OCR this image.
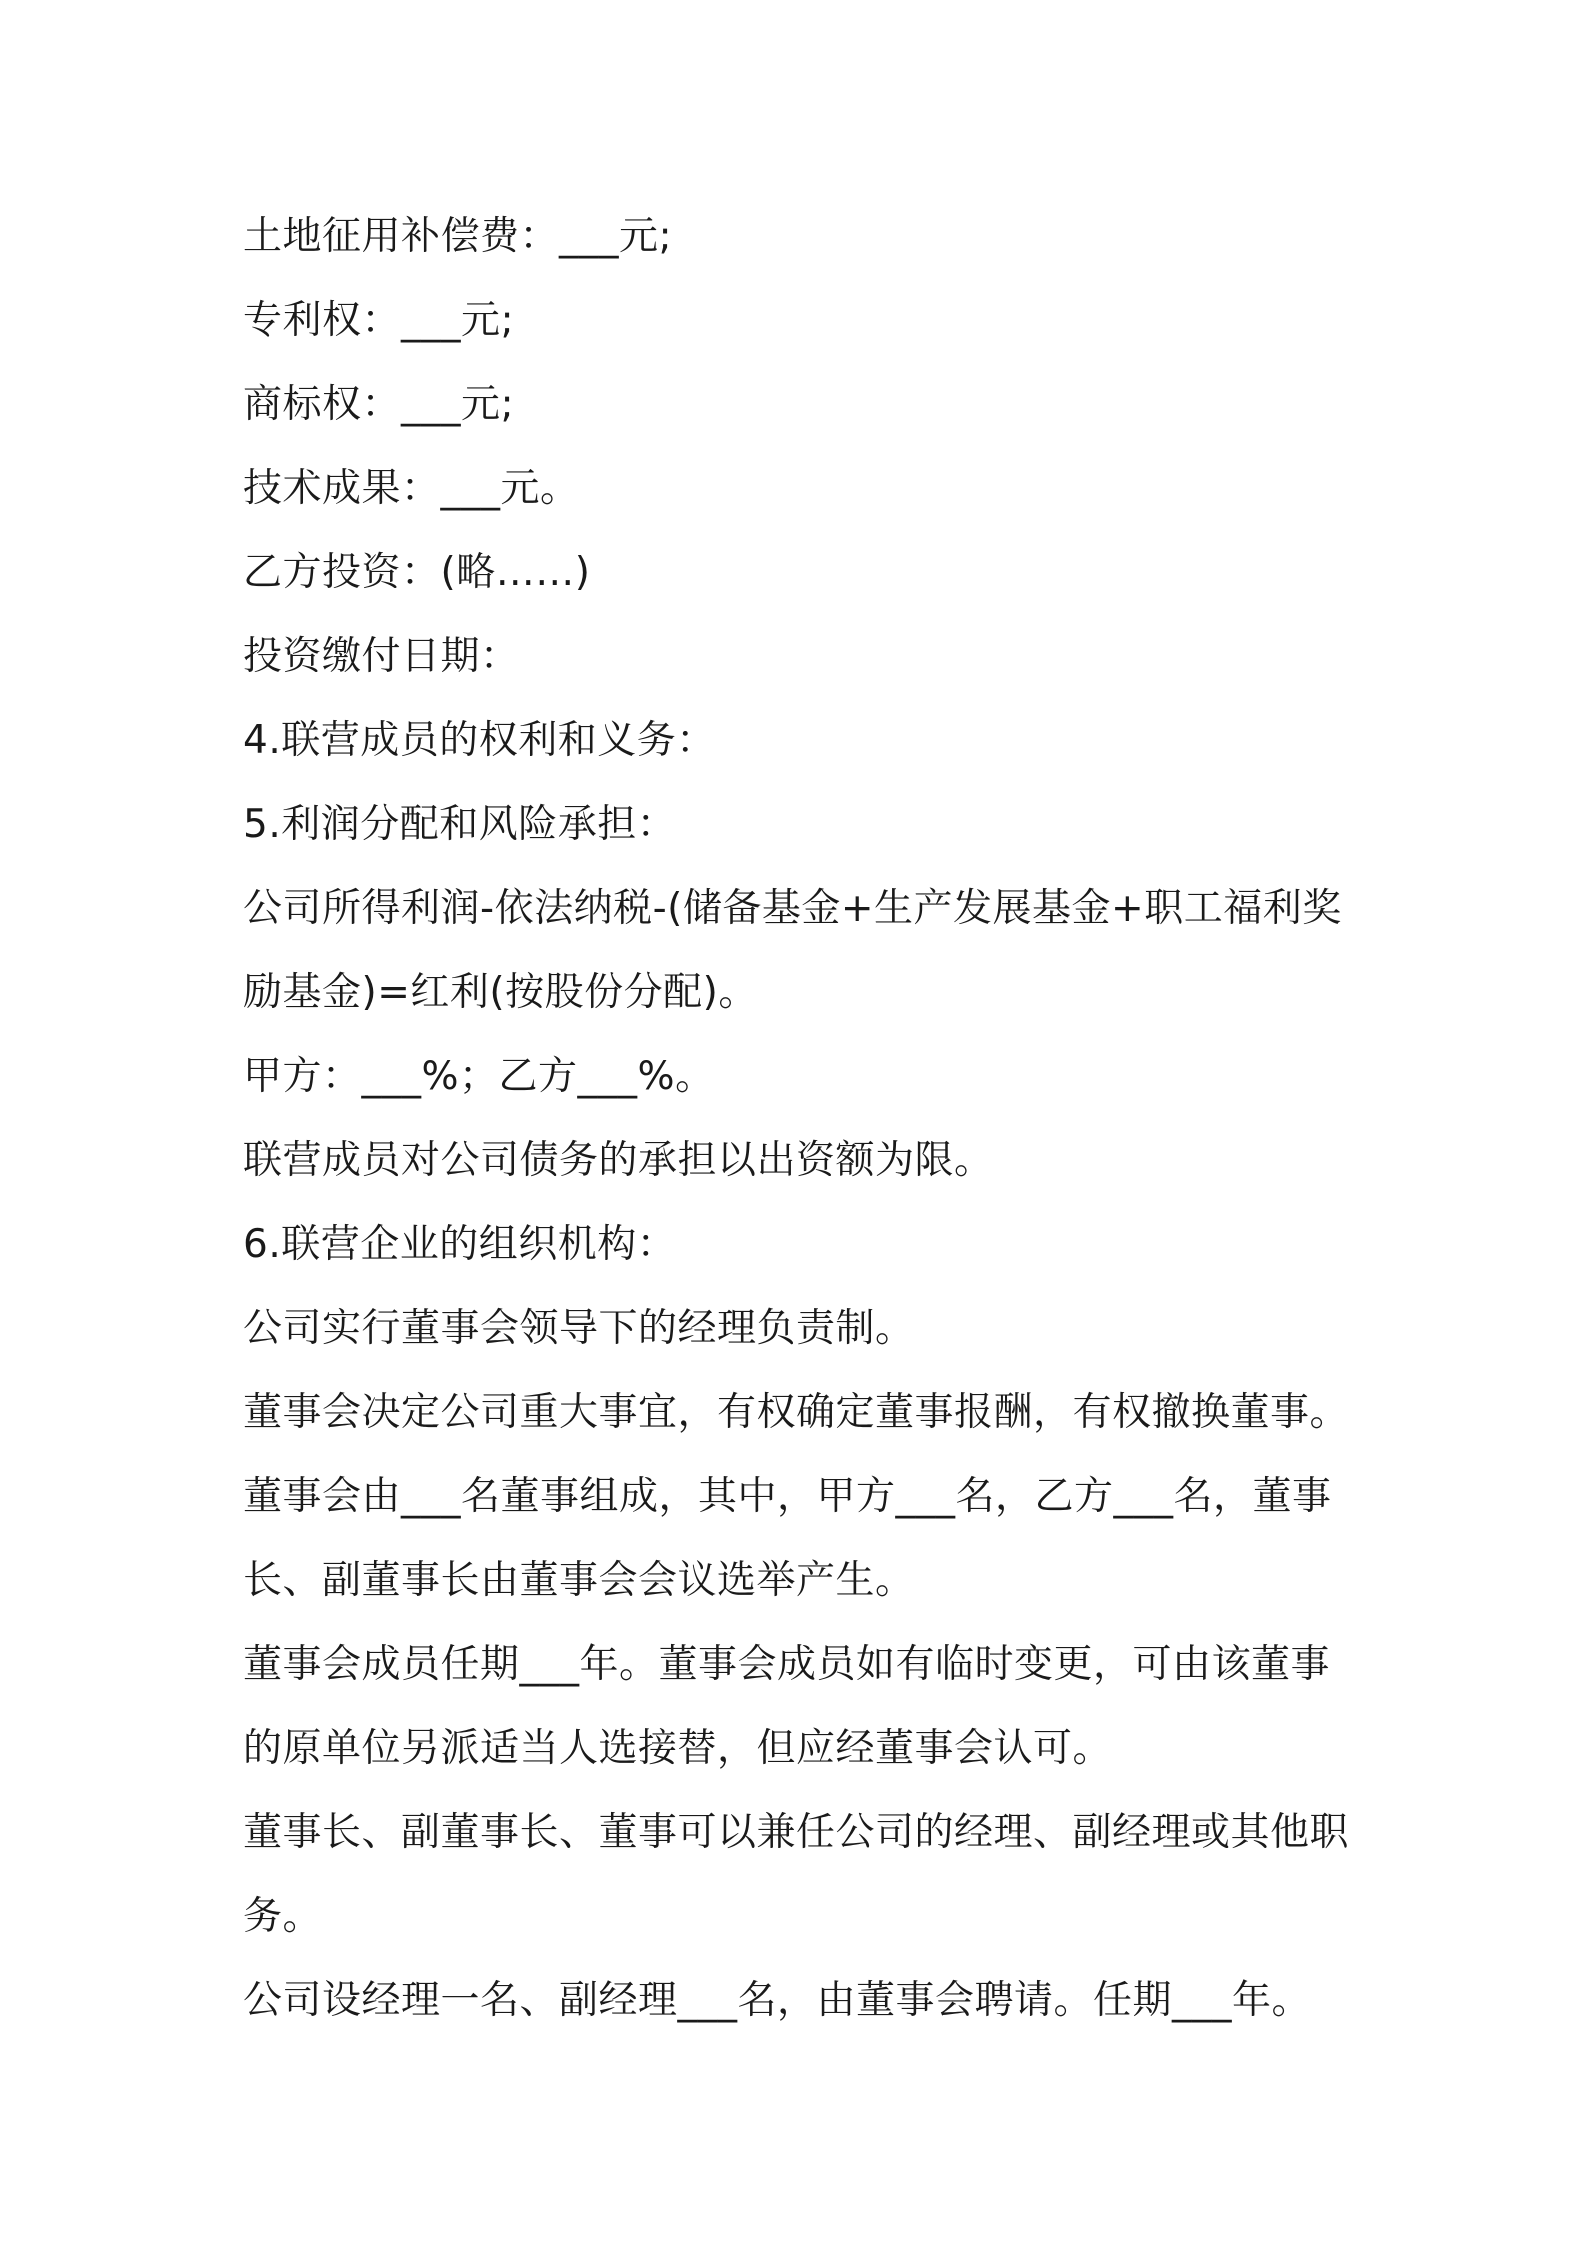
土地征用补偿费：___元;

专利权：___元;

商标权：___元;

技术成果：___元。

乙方投资：(略……)

投资缴付日期：

4.联营成员的权利和义务：

5.利润分配和风险承担：

公司所得利润-依法纳税-(储备基金+生产发展基金+职工福利奖

励基金)=红利(按股份分配)。

甲方：___%；乙方___%。

联营成员对公司债务的承担以出资额为限。

6.联营企业的组织机构：

公司实行董事会领导下的经理负责制。

董事会决定公司重大事宜，有权确定董事报酬，有权撤换董事。

董事会由___名董事组成，其中，甲方___名，乙方___名，董事

长、副董事长由董事会会议选举产生。

董事会成员任期___年。董事会成员如有临时变更，可由该董事

的原单位另派适当人选接替，但应经董事会认可。

董事长、副董事长、董事可以兼任公司的经理、副经理或其他职

务。

公司设经理一名、副经理___名，由董事会聘请。任期___年。
